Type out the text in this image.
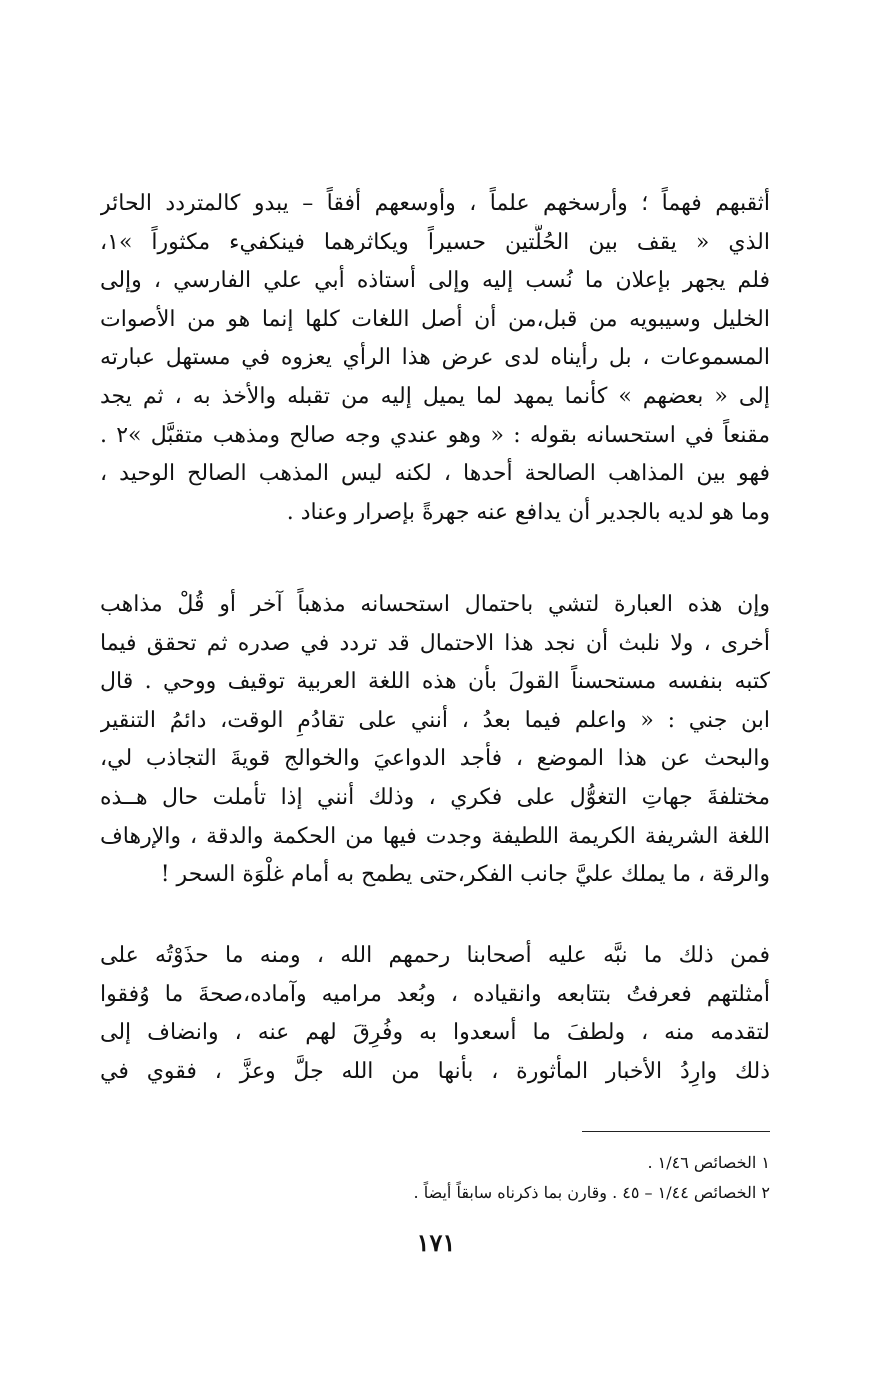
أثقبهم فهماً ؛ وأرسخهم علماً ، وأوسعهم أفقاً – يبدو كالمتردد الحائر
الذي « يقف بين الحُلَّتين حسيراً ويكاثرهما فينكفيء مكثوراً »١،
فلم يجهر بإعلان ما نُسب إليه وإلى أستاذه أبي علي الفارسي ، وإلى
الخليل وسيبويه من قبل،من أن أصل اللغات كلها إنما هو من الأصوات
المسموعات ، بل رأيناه لدى عرض هذا الرأي يعزوه في مستهل عبارته
إلى « بعضهم » كأنما يمهد لما يميل إليه من تقبله والأخذ به ، ثم يجد
مقنعاً في استحسانه بقوله : « وهو عندي وجه صالح ومذهب متقبَّل »٢ .
فهو بين المذاهب الصالحة أحدها ، لكنه ليس المذهب الصالح الوحيد ،
وما هو لديه بالجدير أن يدافع عنه جهرةً بإصرار وعناد .
وإن هذه العبارة لتشي باحتمال استحسانه مذهباً آخر أو قُلْ مذاهب
أخرى ، ولا نلبث أن نجد هذا الاحتمال قد تردد في صدره ثم تحقق فيما
كتبه بنفسه مستحسناً القولَ بأن هذه اللغة العربية توقيف ووحي . قال
ابن جني : « واعلم فيما بعدُ ، أنني على تقادُمِ الوقت، دائمُ التنقير
والبحث عن هذا الموضع ، فأجد الدواعيَ والخوالج قويةَ التجاذب لي،
مختلفةَ جهاتِ التغوُّل على فكري ، وذلك أنني إذا تأملت حال هــذه
اللغة الشريفة الكريمة اللطيفة وجدت فيها من الحكمة والدقة ، والإرهاف
والرقة ، ما يملك عليَّ جانب الفكر،حتى يطمح به أمام غلْوَة السحر !
فمن ذلك ما نبَّه عليه أصحابنا رحمهم الله ، ومنه ما حذَوْتُه على
أمثلتهم فعرفتُ بتتابعه وانقياده ، وبُعد مراميه وآماده،صحةَ ما وُفقوا
لتقدمه منه ، ولطفَ ما أسعدوا به وفُرِقَ لهم عنه ، وانضاف إلى
ذلك وارِدُ الأخبار المأثورة ، بأنها من الله جلَّ وعزَّ ، فقوي في
١ الخصائص ١/٤٦ .
٢ الخصائص ١/٤٤ – ٤٥ . وقارن بما ذكرناه سابقاً أيضاً .
١٧١
